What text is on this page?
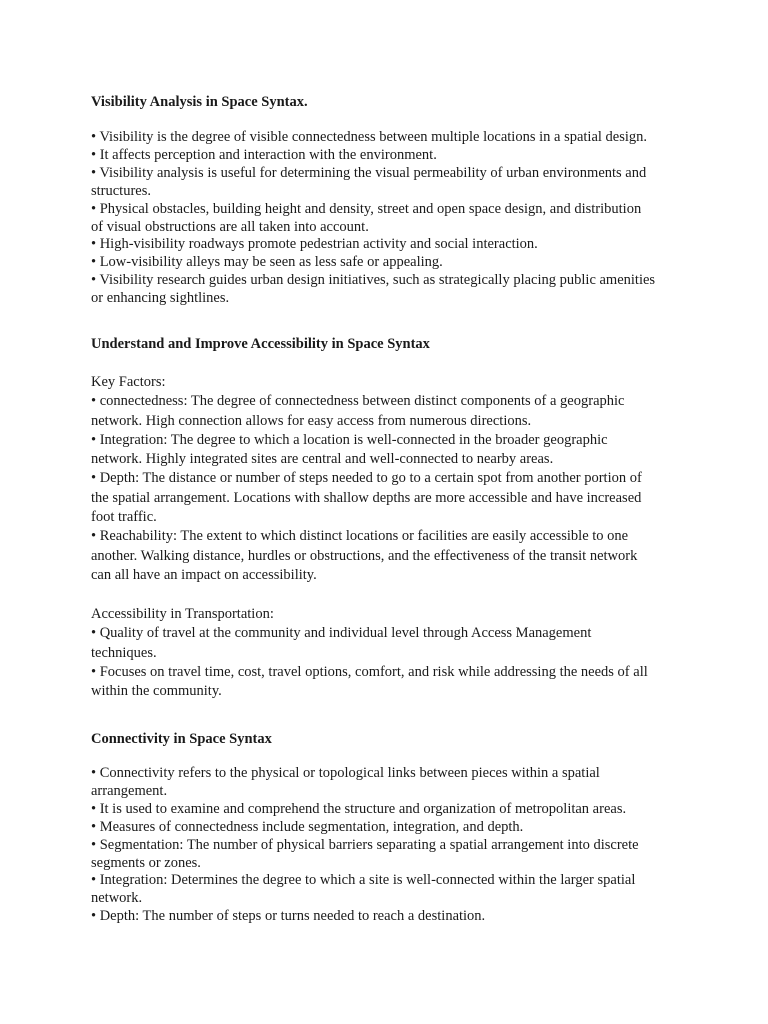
Visibility Analysis in Space Syntax.

• Visibility is the degree of visible connectedness between multiple locations in a spatial design.

• It affects perception and interaction with the environment.

• Visibility analysis is useful for determining the visual permeability of urban environments and

structures.

• Physical obstacles, building height and density, street and open space design, and distribution

of visual obstructions are all taken into account.

• High-visibility roadways promote pedestrian activity and social interaction.

• Low-visibility alleys may be seen as less safe or appealing.

• Visibility research guides urban design initiatives, such as strategically placing public amenities

or enhancing sightlines.

Understand and Improve Accessibility in Space Syntax

Key Factors:

• connectedness: The degree of connectedness between distinct components of a geographic

network. High connection allows for easy access from numerous directions.

• Integration: The degree to which a location is well-connected in the broader geographic

network. Highly integrated sites are central and well-connected to nearby areas.

• Depth: The distance or number of steps needed to go to a certain spot from another portion of

the spatial arrangement. Locations with shallow depths are more accessible and have increased

foot traffic.

• Reachability: The extent to which distinct locations or facilities are easily accessible to one

another. Walking distance, hurdles or obstructions, and the effectiveness of the transit network

can all have an impact on accessibility.

Accessibility in Transportation:

• Quality of travel at the community and individual level through Access Management

techniques.

• Focuses on travel time, cost, travel options, comfort, and risk while addressing the needs of all

within the community.

Connectivity in Space Syntax

• Connectivity refers to the physical or topological links between pieces within a spatial

arrangement.

• It is used to examine and comprehend the structure and organization of metropolitan areas.

• Measures of connectedness include segmentation, integration, and depth.

• Segmentation: The number of physical barriers separating a spatial arrangement into discrete

segments or zones.

• Integration: Determines the degree to which a site is well-connected within the larger spatial

network.

• Depth: The number of steps or turns needed to reach a destination.
